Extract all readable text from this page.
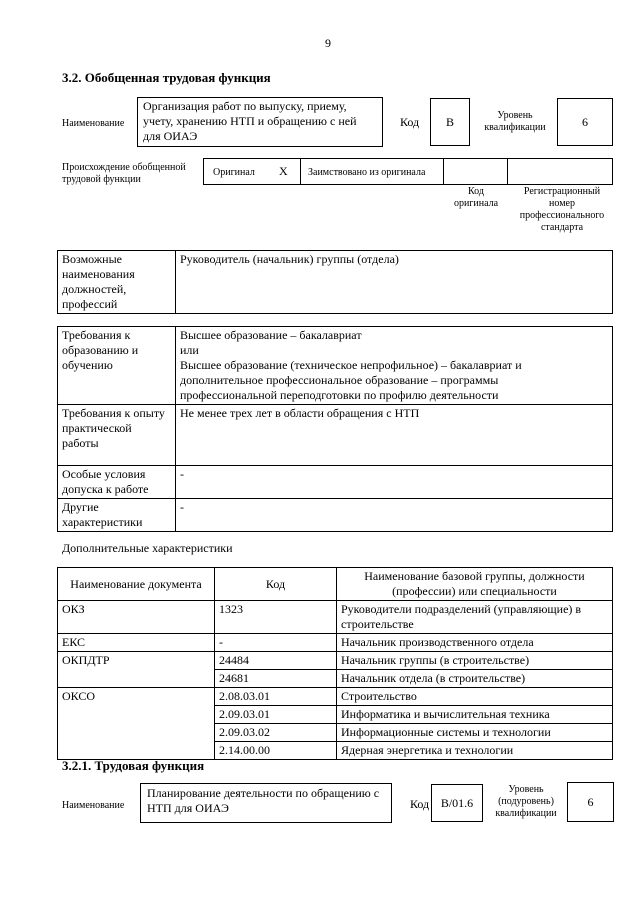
9
3.2. Обобщенная трудовая функция
Наименование
Организация работ по выпуску, приему, учету, хранению НТП и обращению с ней для ОИАЭ
Код	B	Уровень квалификации	6
Происхождение обобщенной трудовой функции
Оригинал X Заимствовано из оригинала
Код оригинала
Регистрационный номер профессионального стандарта
Возможные наименования должностей, профессий	Руководитель (начальник) группы (отдела)
Требования к образованию и обучению	Высшее образование – бакалавриат
или
Высшее образование (техническое непрофильное) – бакалавриат и
дополнительное профессиональное образование – программы
профессиональной переподготовки по профилю деятельности

Требования к опыту практической работы	Не менее трех лет в области обращения с НТП
Особые условия допуска к работе	-
Другие характеристики	-
Дополнительные характеристики
Наименование документа	Код	Наименование базовой группы, должности (профессии) или специальности
ОКЗ	1323	Руководители подразделений (управляющие) в строительстве
ЕКС	-	Начальник производственного отдела
ОКПДТР	24484	Начальник группы (в строительстве)
	24681	Начальник отдела (в строительстве)
ОКСО	2.08.03.01	Строительство
	2.09.03.01	Информатика и вычислительная техника
	2.09.03.02	Информационные системы и технологии
	2.14.00.00	Ядерная энергетика и технологии
3.2.1. Трудовая функция
Наименование
Планирование деятельности по обращению с НТП для ОИАЭ	Код B/01.6
Уровень (подуровень) квалификации
6
